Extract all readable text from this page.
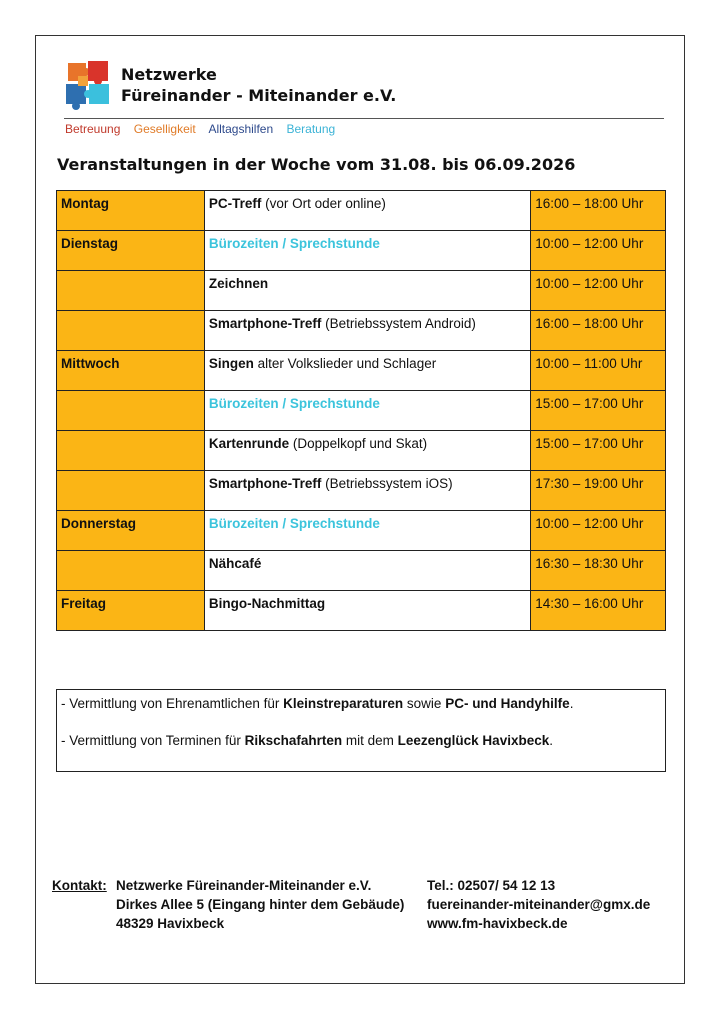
Netzwerke
Füreinander - Miteinander e.V.
Betreuung Geselligkeit Alltagshilfen Beratung
Veranstaltungen in der Woche vom 31.08. bis 06.09.2026
Montag	PC-Treff (vor Ort oder online)	16:00 – 18:00 Uhr
Dienstag	Bürozeiten / Sprechstunde	10:00 – 12:00 Uhr
	Zeichnen	10:00 – 12:00 Uhr
	Smartphone-Treff (Betriebssystem Android)	16:00 – 18:00 Uhr
Mittwoch	Singen alter Volkslieder und Schlager	10:00 – 11:00 Uhr
	Bürozeiten / Sprechstunde	15:00 – 17:00 Uhr
	Kartenrunde (Doppelkopf und Skat)	15:00 – 17:00 Uhr
	Smartphone-Treff (Betriebssystem iOS)	17:30 – 19:00 Uhr
Donnerstag	Bürozeiten / Sprechstunde	10:00 – 12:00 Uhr
	Nähcafé	16:30 – 18:30 Uhr
Freitag	Bingo-Nachmittag	14:30 – 16:00 Uhr
- Vermittlung von Ehrenamtlichen für Kleinstreparaturen sowie PC- und Handyhilfe.
- Vermittlung von Terminen für Rikschafahrten mit dem Leezenglück Havixbeck.
Kontakt: Netzwerke Füreinander-Miteinander e.V.
Dirkes Allee 5 (Eingang hinter dem Gebäude)
48329 Havixbeck
Tel.: 02507/ 54 12 13
fuereinander-miteinander@gmx.de
www.fm-havixbeck.de
